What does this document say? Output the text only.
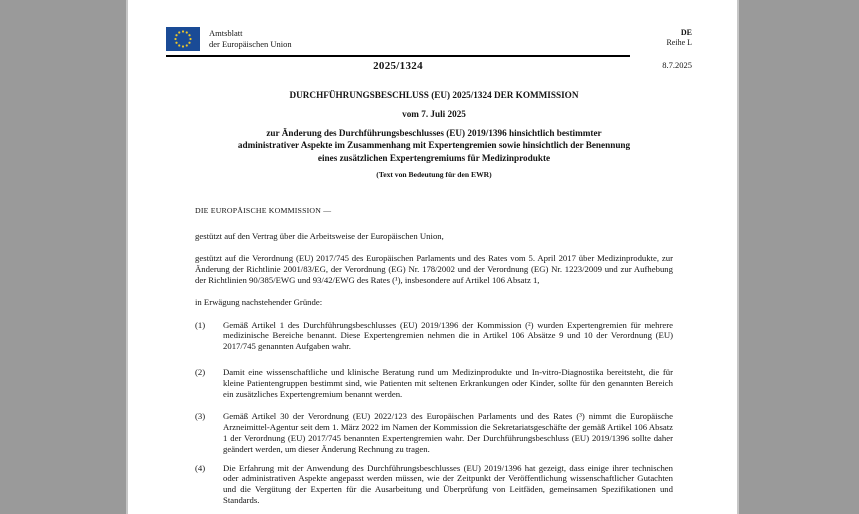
Amtsblatt
der Europäischen Union
DE
Reihe L
2025/1324	8.7.2025
DURCHFÜHRUNGSBESCHLUSS (EU) 2025/1324 DER KOMMISSION
vom 7. Juli 2025
zur Änderung des Durchführungsbeschlusses (EU) 2019/1396 hinsichtlich bestimmter
administrativer Aspekte im Zusammenhang mit Expertengremien sowie hinsichtlich der Benennung
eines zusätzlichen Expertengremiums für Medizinprodukte
(Text von Bedeutung für den EWR)
DIE EUROPÄISCHE KOMMISSION —
gestützt auf den Vertrag über die Arbeitsweise der Europäischen Union,
gestützt auf die Verordnung (EU) 2017/745 des Europäischen Parlaments und des Rates vom 5. April 2017 über Medizinprodukte, zur Änderung der Richtlinie 2001/83/EG, der Verordnung (EG) Nr. 178/2002 und der Verordnung (EG) Nr. 1223/2009 und zur Aufhebung der Richtlinien 90/385/EWG und 93/42/EWG des Rates (¹), insbesondere auf Artikel 106 Absatz 1,
in Erwägung nachstehender Gründe:
(1)	Gemäß Artikel 1 des Durchführungsbeschlusses (EU) 2019/1396 der Kommission (²) wurden Expertengremien für mehrere medizinische Bereiche benannt. Diese Expertengremien nehmen die in Artikel 106 Absätze 9 und 10 der Verordnung (EU) 2017/745 genannten Aufgaben wahr.
(2)	Damit eine wissenschaftliche und klinische Beratung rund um Medizinprodukte und In-vitro-Diagnostika bereitsteht, die für kleine Patientengruppen bestimmt sind, wie Patienten mit seltenen Erkrankungen oder Kinder, sollte für den genannten Bereich ein zusätzliches Expertengremium benannt werden.
(3)	Gemäß Artikel 30 der Verordnung (EU) 2022/123 des Europäischen Parlaments und des Rates (³) nimmt die Europäische Arzneimittel-Agentur seit dem 1. März 2022 im Namen der Kommission die Sekretariatsgeschäfte der gemäß Artikel 106 Absatz 1 der Verordnung (EU) 2017/745 benannten Expertengremien wahr. Der Durchführungsbeschluss (EU) 2019/1396 sollte daher geändert werden, um dieser Änderung Rechnung zu tragen.
(4)	Die Erfahrung mit der Anwendung des Durchführungsbeschlusses (EU) 2019/1396 hat gezeigt, dass einige ihrer technischen oder administrativen Aspekte angepasst werden müssen, wie der Zeitpunkt der Veröffentlichung wissenschaftlicher Gutachten und die Vergütung der Experten für die Ausarbeitung und Überprüfung von Leitfäden, gemeinsamen Spezifikationen und Standards.
